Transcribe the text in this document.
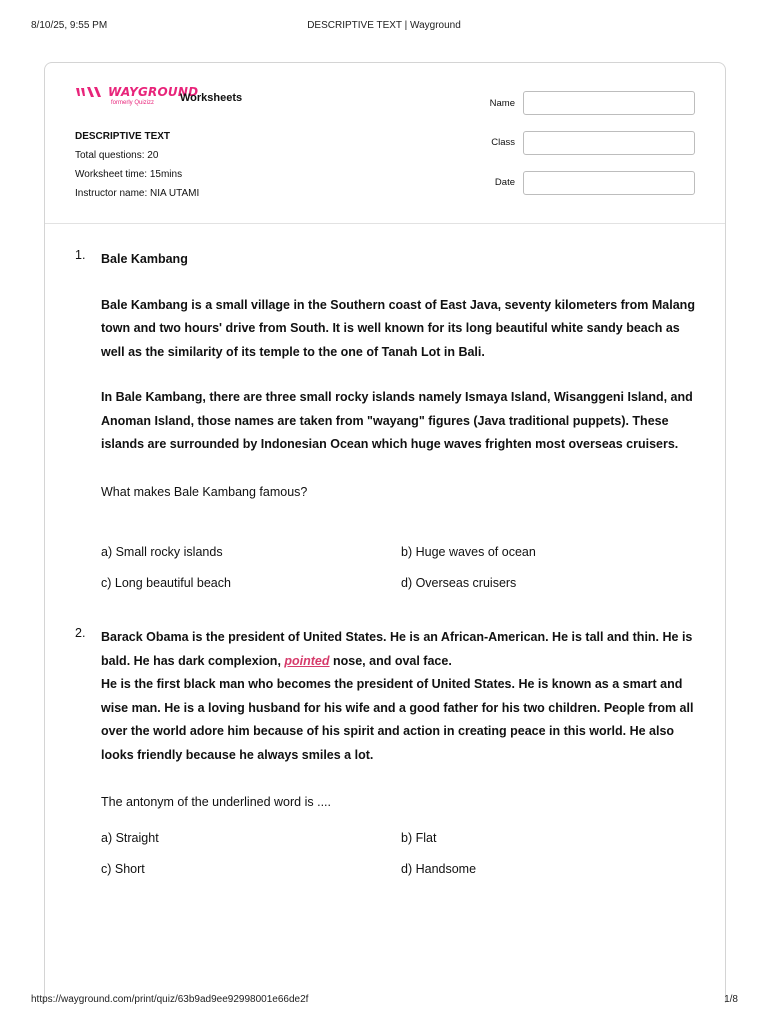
8/10/25, 9:55 PM	DESCRIPTIVE TEXT | Wayground
WAYGROUND
formerly Quizizz	Worksheets
DESCRIPTIVE TEXT
Total questions: 20
Worksheet time: 15mins
Instructor name: NIA UTAMI
Name
Class
Date
1. Bale Kambang

Bale Kambang is a small village in the Southern coast of East Java, seventy kilometers from Malang town and two hours' drive from South. It is well known for its long beautiful white sandy beach as well as the similarity of its temple to the one of Tanah Lot in Bali.

In Bale Kambang, there are three small rocky islands namely Ismaya Island, Wisanggeni Island, and Anoman Island, those names are taken from "wayang" figures (Java traditional puppets). These islands are surrounded by Indonesian Ocean which huge waves frighten most overseas cruisers.

What makes Bale Kambang famous?

a) Small rocky islands	b) Huge waves of ocean
c) Long beautiful beach	d) Overseas cruisers
2. Barack Obama is the president of United States. He is an African-American. He is tall and thin. He is bald. He has dark complexion, pointed nose, and oval face.

He is the first black man who becomes the president of United States. He is known as a smart and wise man. He is a loving husband for his wife and a good father for his two children. People from all over the world adore him because of his spirit and action in creating peace in this world. He also looks friendly because he always smiles a lot.

The antonym of the underlined word is ....

a) Straight	b) Flat
c) Short	d) Handsome
https://wayground.com/print/quiz/63b9ad9ee92998001e66de2f	1/8
